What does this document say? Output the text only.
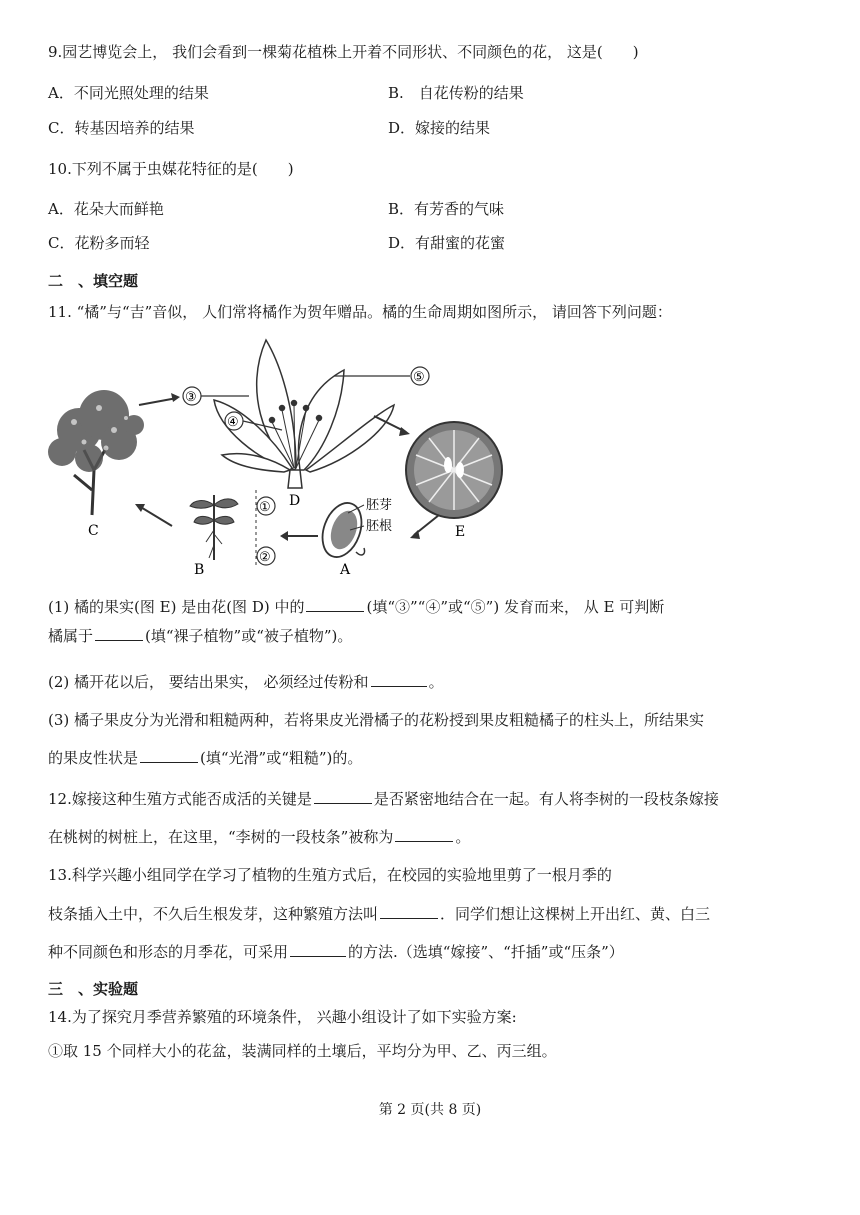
9.园艺博览会上， 我们会看到一棵菊花植株上开着不同形状、不同颜色的花， 这是(　　)
A．不同光照处理的结果	B.　自花传粉的结果
C．转基因培养的结果	D．嫁接的结果
10.下列不属于虫媒花特征的是(　　)
A．花朵大而鲜艳	B．有芳香的气味
C．花粉多而轻	D．有甜蜜的花蜜
二　、填空题
11. “橘”与“吉”音似， 人们常将橘作为贺年赠品。橘的生命周期如图所示， 请回答下列问题：
C
③
④
D
⑤
E
胚芽
胚根
A
①
②
B
(1) 橘的果实(图 E) 是由花(图 D) 中的	(填“③”“④”或“⑤”) 发育而来， 从 E 可判断
橘属于	(填“裸子植物”或“被子植物”)。
(2) 橘开花以后， 要结出果实， 必须经过传粉和	。
(3) 橘子果皮分为光滑和粗糙两种，若将果皮光滑橘子的花粉授到果皮粗糙橘子的柱头上，所结果实
的果皮性状是	(填“光滑”或“粗糙”)的。
12.嫁接这种生殖方式能否成活的关键是	是否紧密地结合在一起。有人将李树的一段枝条嫁接
在桃树的树桩上，在这里，“李树的一段枝条”被称为	。
13.科学兴趣小组同学在学习了植物的生殖方式后，在校园的实验地里剪了一根月季的
枝条插入土中，不久后生根发芽，这种繁殖方法叫	．同学们想让这棵树上开出红、黄、白三
种不同颜色和形态的月季花，可采用	的方法.（选填“嫁接”、“扦插”或“压条”）
三　、实验题
14.为了探究月季营养繁殖的环境条件， 兴趣小组设计了如下实验方案:
①取 15 个同样大小的花盆，装满同样的土壤后，平均分为甲、乙、丙三组。
第 2 页(共 8 页)
